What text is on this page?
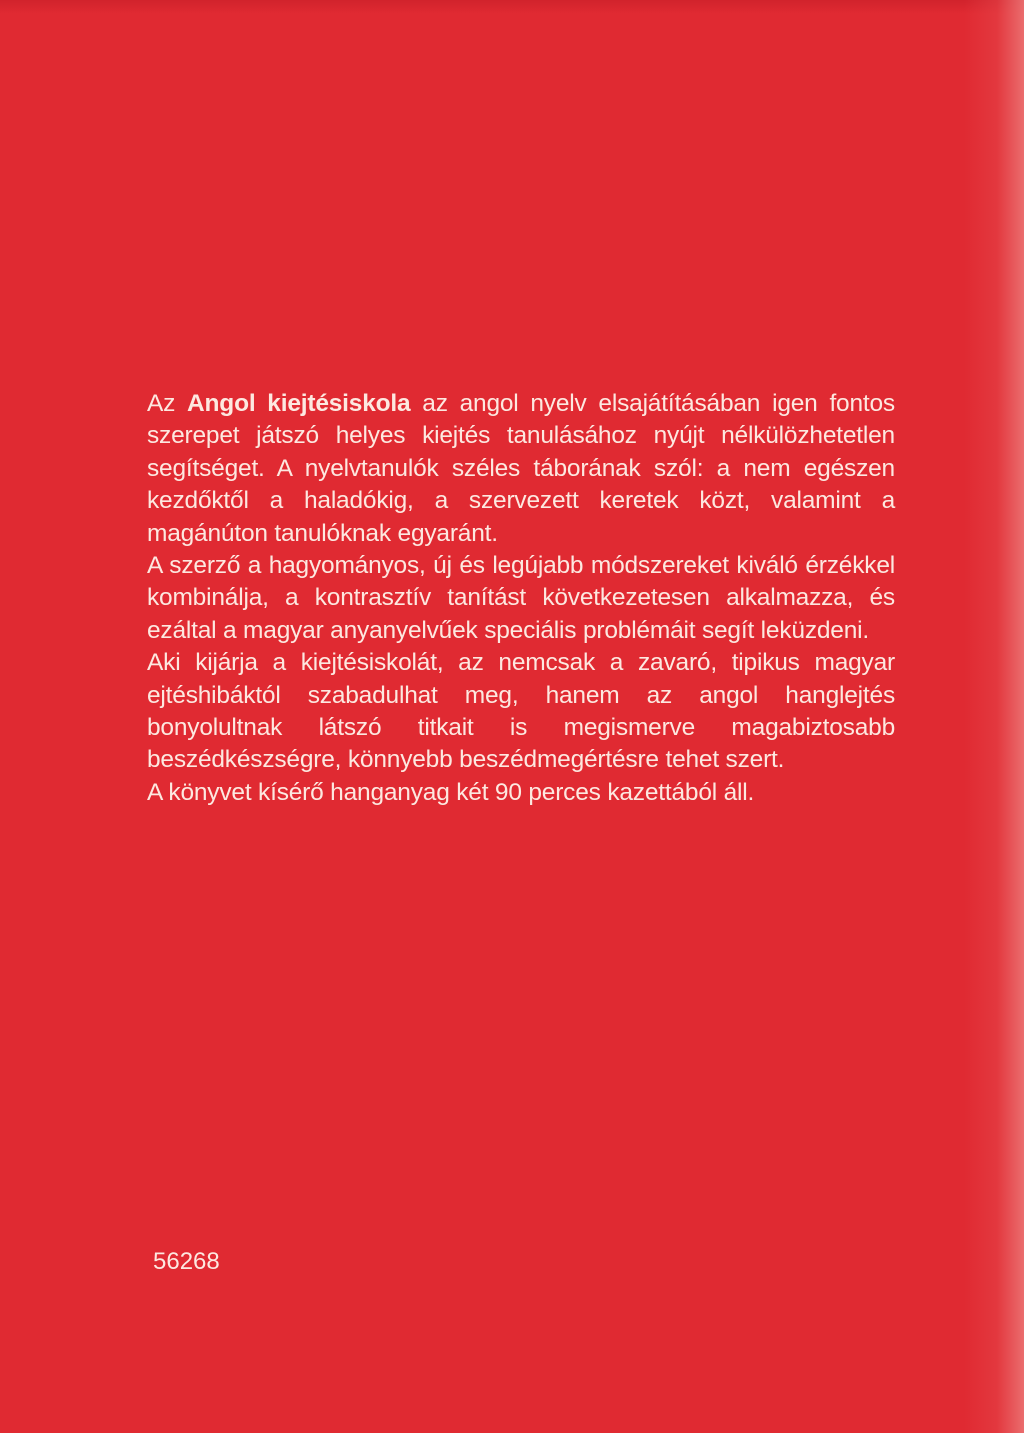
Az Angol kiejtésiskola az angol nyelv elsajátításában igen fontos szerepet játszó helyes kiejtés tanulásához nyújt nélkülözhetetlen segítséget. A nyelvtanulók széles táborának szól: a nem egészen kezdőktől a haladókig, a szervezett keretek közt, valamint a magánúton tanulóknak egyaránt.

A szerző a hagyományos, új és legújabb módszereket kiváló érzékkel kombinálja, a kontrasztív tanítást következetesen alkalmazza, és ezáltal a magyar anyanyelvűek speciális problémáit segít leküzdeni.

Aki kijárja a kiejtésiskolát, az nemcsak a zavaró, tipikus magyar ejtéshibáktól szabadulhat meg, hanem az angol hanglejtés bonyolultnak látszó titkait is megismerve magabiztosabb beszédkészségre, könnyebb beszédmegértésre tehet szert.

A könyvet kísérő hanganyag két 90 perces kazettából áll.

56268
